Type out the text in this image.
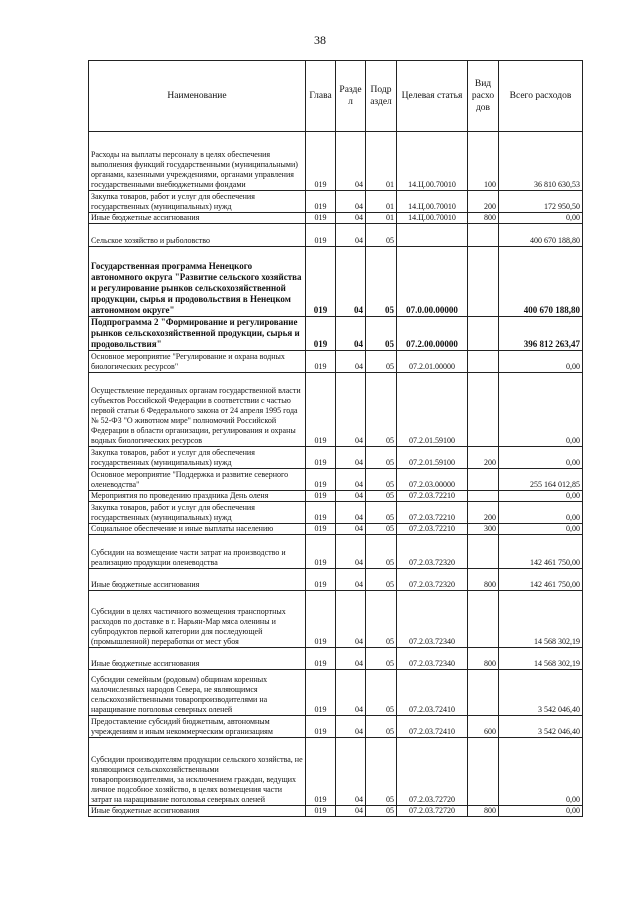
38
Наименование	Глава	Разде л	Подр аздел	Целевая статья	Вид расхо дов	Всего расходов
Расходы на выплаты персоналу в целях обеспечения выполнения функций государственными (муниципальными) органами, казенными учреждениями, органами управления государственными внебюджетными фондами	019	04	01	14.Ц.00.70010	100	36 810 630,53
Закупка товаров, работ и услуг для обеспечения государственных (муниципальных) нужд	019	04	01	14.Ц.00.70010	200	172 950,50
Иные бюджетные ассигнования	019	04	01	14.Ц.00.70010	800	0,00
Сельское хозяйство и рыболовство	019	04	05			400 670 188,80
Государственная программа Ненецкого автономного округа "Развитие сельского хозяйства и регулирование рынков сельскохозяйственной продукции, сырья и продовольствия в Ненецком автономном округе"	019	04	05	07.0.00.00000		400 670 188,80
Подпрограмма 2 "Формирование и регулирование рынков сельскохозяйственной продукции, сырья и продовольствия"	019	04	05	07.2.00.00000		396 812 263,47
Основное мероприятие "Регулирование и охрана водных биологических ресурсов"	019	04	05	07.2.01.00000		0,00
Осуществление переданных органам государственной власти субъектов Российской Федерации в соответствии с частью первой статьи 6 Федерального закона от 24 апреля 1995 года № 52-ФЗ "О животном мире" полномочий Российской Федерации в области организации, регулирования и охраны водных биологических ресурсов	019	04	05	07.2.01.59100		0,00
Закупка товаров, работ и услуг для обеспечения государственных (муниципальных) нужд	019	04	05	07.2.01.59100	200	0,00
Основное мероприятие "Поддержка и развитие северного оленеводства"	019	04	05	07.2.03.00000		255 164 012,85
Мероприятия по проведению праздника День оленя	019	04	05	07.2.03.72210		0,00
Закупка товаров, работ и услуг для обеспечения государственных (муниципальных) нужд	019	04	05	07.2.03.72210	200	0,00
Социальное обеспечение и иные выплаты населению	019	04	05	07.2.03.72210	300	0,00
Субсидии на возмещение части затрат на производство и реализацию продукции оленеводства	019	04	05	07.2.03.72320		142 461 750,00
Иные бюджетные ассигнования	019	04	05	07.2.03.72320	800	142 461 750,00
Субсидии в целях частичного возмещения транспортных расходов по доставке в г. Нарьян-Мар мяса оленины и субпродуктов первой категории для последующей (промышленной) переработки от мест убоя	019	04	05	07.2.03.72340		14 568 302,19
Иные бюджетные ассигнования	019	04	05	07.2.03.72340	800	14 568 302,19
Субсидии семейным (родовым) общинам коренных малочисленных народов Севера, не являющимся сельскохозяйственными товаропроизводителями на наращивание поголовья северных оленей	019	04	05	07.2.03.72410		3 542 046,40
Предоставление субсидий бюджетным, автономным учреждениям и иным некоммерческим организациям	019	04	05	07.2.03.72410	600	3 542 046,40
Субсидии производителям продукции сельского хозяйства, не являющимся сельскохозяйственными товаропроизводителями, за исключением граждан, ведущих личное подсобное хозяйство, в целях возмещения части затрат на наращивание поголовья северных оленей	019	04	05	07.2.03.72720		0,00
Иные бюджетные ассигнования	019	04	05	07.2.03.72720	800	0,00
